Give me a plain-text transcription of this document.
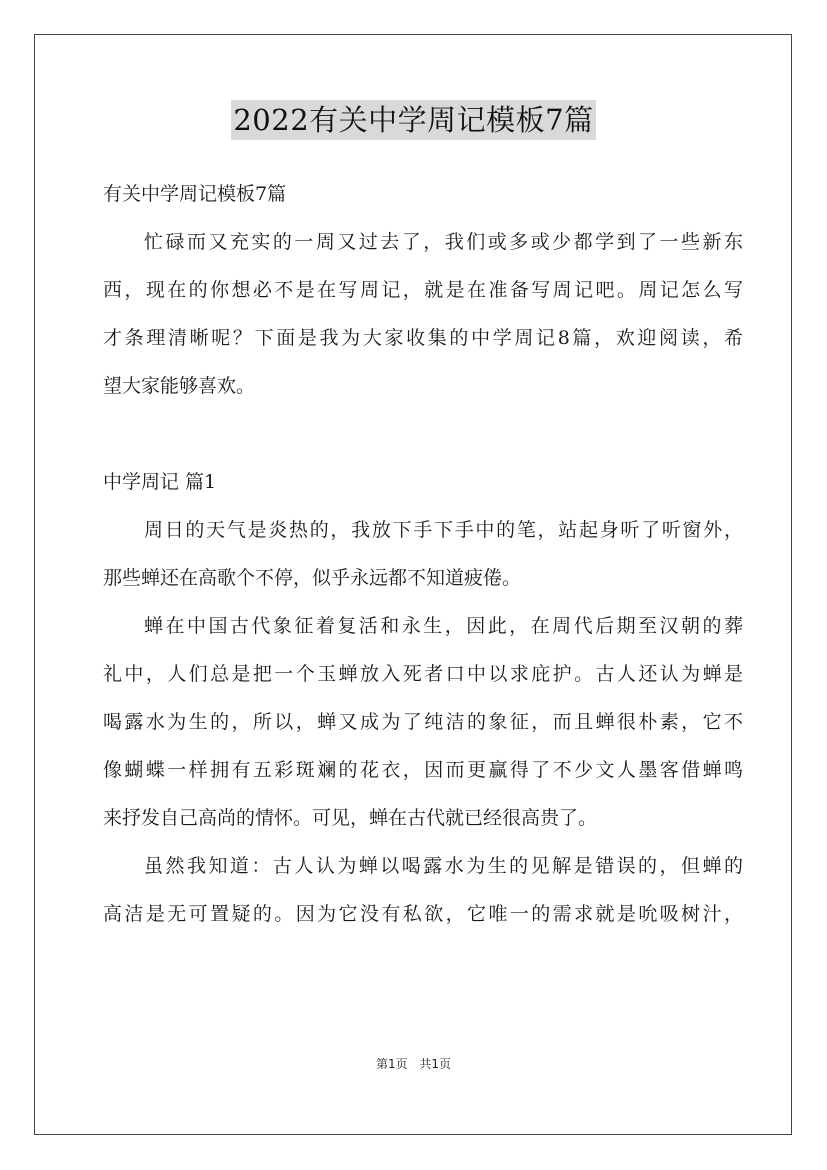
2022有关中学周记模板7篇

有关中学周记模板7篇

忙碌而又充实的一周又过去了，我们或多或少都学到了一些新东

西，现在的你想必不是在写周记，就是在准备写周记吧。周记怎么写

才条理清晰呢？下面是我为大家收集的中学周记8篇，欢迎阅读，希

望大家能够喜欢。

中学周记 篇1

周日的天气是炎热的，我放下手下手中的笔，站起身听了听窗外，

那些蝉还在高歌个不停，似乎永远都不知道疲倦。

蝉在中国古代象征着复活和永生，因此，在周代后期至汉朝的葬

礼中，人们总是把一个玉蝉放入死者口中以求庇护。古人还认为蝉是

喝露水为生的，所以，蝉又成为了纯洁的象征，而且蝉很朴素，它不

像蝴蝶一样拥有五彩斑斓的花衣，因而更赢得了不少文人墨客借蝉鸣

来抒发自己高尚的情怀。可见，蝉在古代就已经很高贵了。

虽然我知道：古人认为蝉以喝露水为生的见解是错误的，但蝉的

高洁是无可置疑的。因为它没有私欲，它唯一的需求就是吮吸树汁，

第1页 共1页
